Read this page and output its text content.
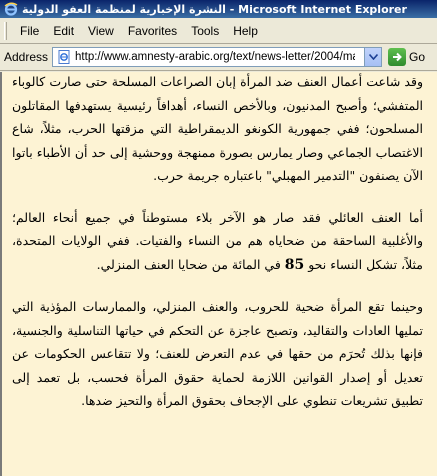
النشرة الإخبارية لمنظمة العفو الدولية - Microsoft Internet Explorer
File	Edit	View	Favorites	Tools	Help
Address
http://www.amnesty-arabic.org/text/news-letter/2004/mar/mar	Go

وقد شاعت أعمال العنف ضد المرأة إبان الصراعات المسلحة حتى صارت كالوباء المتفشي؛ وأصبح المدنيون، وبالأخص النساء، أهدافاً رئيسية يستهدفها المقاتلون المسلحون؛ ففي جمهورية الكونغو الديمقراطية التي مزقتها الحرب، مثلاً، شاع الاغتصاب الجماعي وصار يمارس بصورة ممنهجة ووحشية إلى حد أن الأطباء باتوا الآن يصنفون "التدمير المهبلي" باعتباره جريمة حرب.

أما العنف العائلي فقد صار هو الآخر بلاء مستوطناً في جميع أنحاء العالم؛ والأغلبية الساحقة من ضحاياه هم من النساء والفتيات. ففي الولايات المتحدة، مثلاً، تشكل النساء نحو 85 في المائة من ضحايا العنف المنزلي.

وحينما تقع المرأة ضحية للحروب، والعنف المنزلي، والممارسات المؤذية التي تمليها العادات والتقاليد، وتصبح عاجزة عن التحكم في حياتها التناسلية والجنسية، فإنها بذلك تُحرَم من حقها في عدم التعرض للعنف؛ ولا تتقاعس الحكومات عن تعديل أو إصدار القوانين اللازمة لحماية حقوق المرأة فحسب، بل تعمد إلى تطبيق تشريعات تنطوي على الإجحاف بحقوق المرأة والتحيز ضدها.
